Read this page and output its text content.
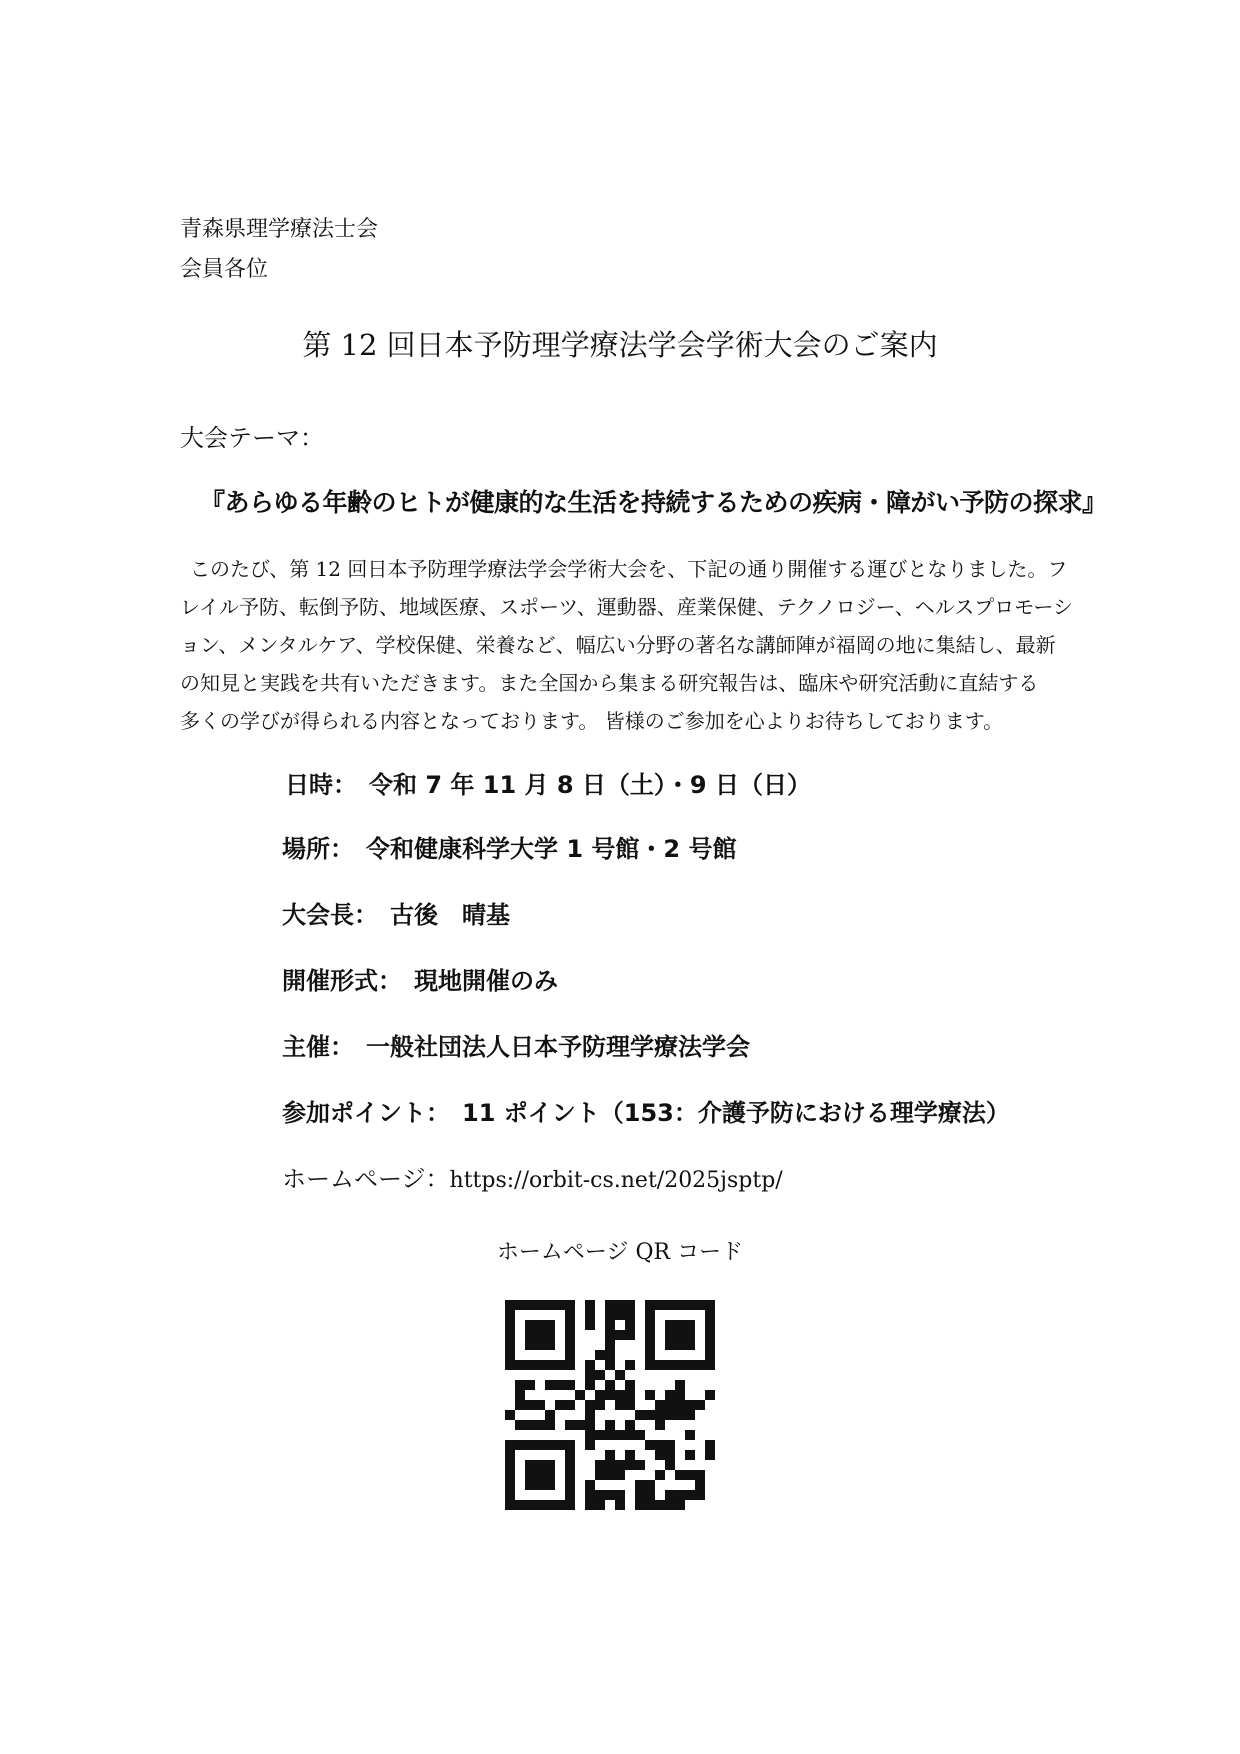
青森県理学療法士会
会員各位
第 12 回日本予防理学療法学会学術大会のご案内
大会テーマ：
『あらゆる年齢のヒトが健康的な生活を持続するための疾病・障がい予防の探求』

このたび、第 12 回日本予防理学療法学会学術大会を、下記の通り開催する運びとなりました。フ

レイル予防、転倒予防、地域医療、スポーツ、運動器、産業保健、テクノロジー、ヘルスプロモーシ

ョン、メンタルケア、学校保健、栄養など、幅広い分野の著名な講師陣が福岡の地に集結し、最新

の知見と実践を共有いただきます。また全国から集まる研究報告は、臨床や研究活動に直結する

多くの学びが得られる内容となっております。 皆様のご参加を心よりお待ちしております。

日時： 令和 7 年 11 月 8 日（土）・9 日（日）
場所： 令和健康科学大学 1 号館・2 号館
大会長： 古後　晴基
開催形式： 現地開催のみ
主催： 一般社団法人日本予防理学療法学会
参加ポイント： 11 ポイント（153：介護予防における理学療法）
ホームページ：https://orbit-cs.net/2025jsptp/
ホームページ QR コード
